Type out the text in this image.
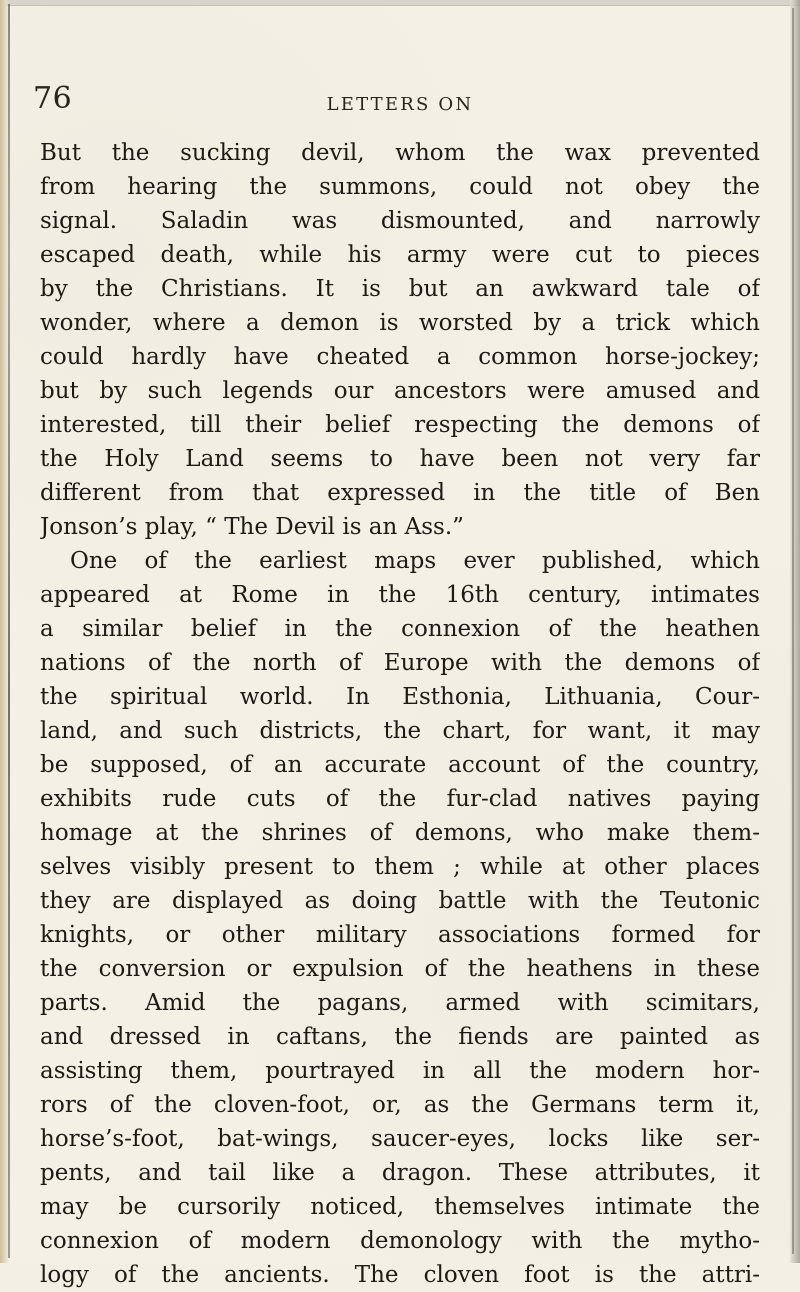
76	LETTERS ON
But the sucking devil, whom the wax prevented
from hearing the summons, could not obey the
signal. Saladin was dismounted, and narrowly
escaped death, while his army were cut to pieces
by the Christians. It is but an awkward tale of
wonder, where a demon is worsted by a trick which
could hardly have cheated a common horse-jockey;
but by such legends our ancestors were amused and
interested, till their belief respecting the demons of
the Holy Land seems to have been not very far
different from that expressed in the title of Ben
Jonson’s play, “ The Devil is an Ass.”
One of the earliest maps ever published, which
appeared at Rome in the 16th century, intimates
a similar belief in the connexion of the heathen
nations of the north of Europe with the demons of
the spiritual world. In Esthonia, Lithuania, Cour-
land, and such districts, the chart, for want, it may
be supposed, of an accurate account of the country,
exhibits rude cuts of the fur-clad natives paying
homage at the shrines of demons, who make them-
selves visibly present to them ; while at other places
they are displayed as doing battle with the Teutonic
knights, or other military associations formed for
the conversion or expulsion of the heathens in these
parts. Amid the pagans, armed with scimitars,
and dressed in caftans, the fiends are painted as
assisting them, pourtrayed in all the modern hor-
rors of the cloven-foot, or, as the Germans term it,
horse’s-foot, bat-wings, saucer-eyes, locks like ser-
pents, and tail like a dragon. These attributes, it
may be cursorily noticed, themselves intimate the
connexion of modern demonology with the mytho-
logy of the ancients. The cloven foot is the attri-
